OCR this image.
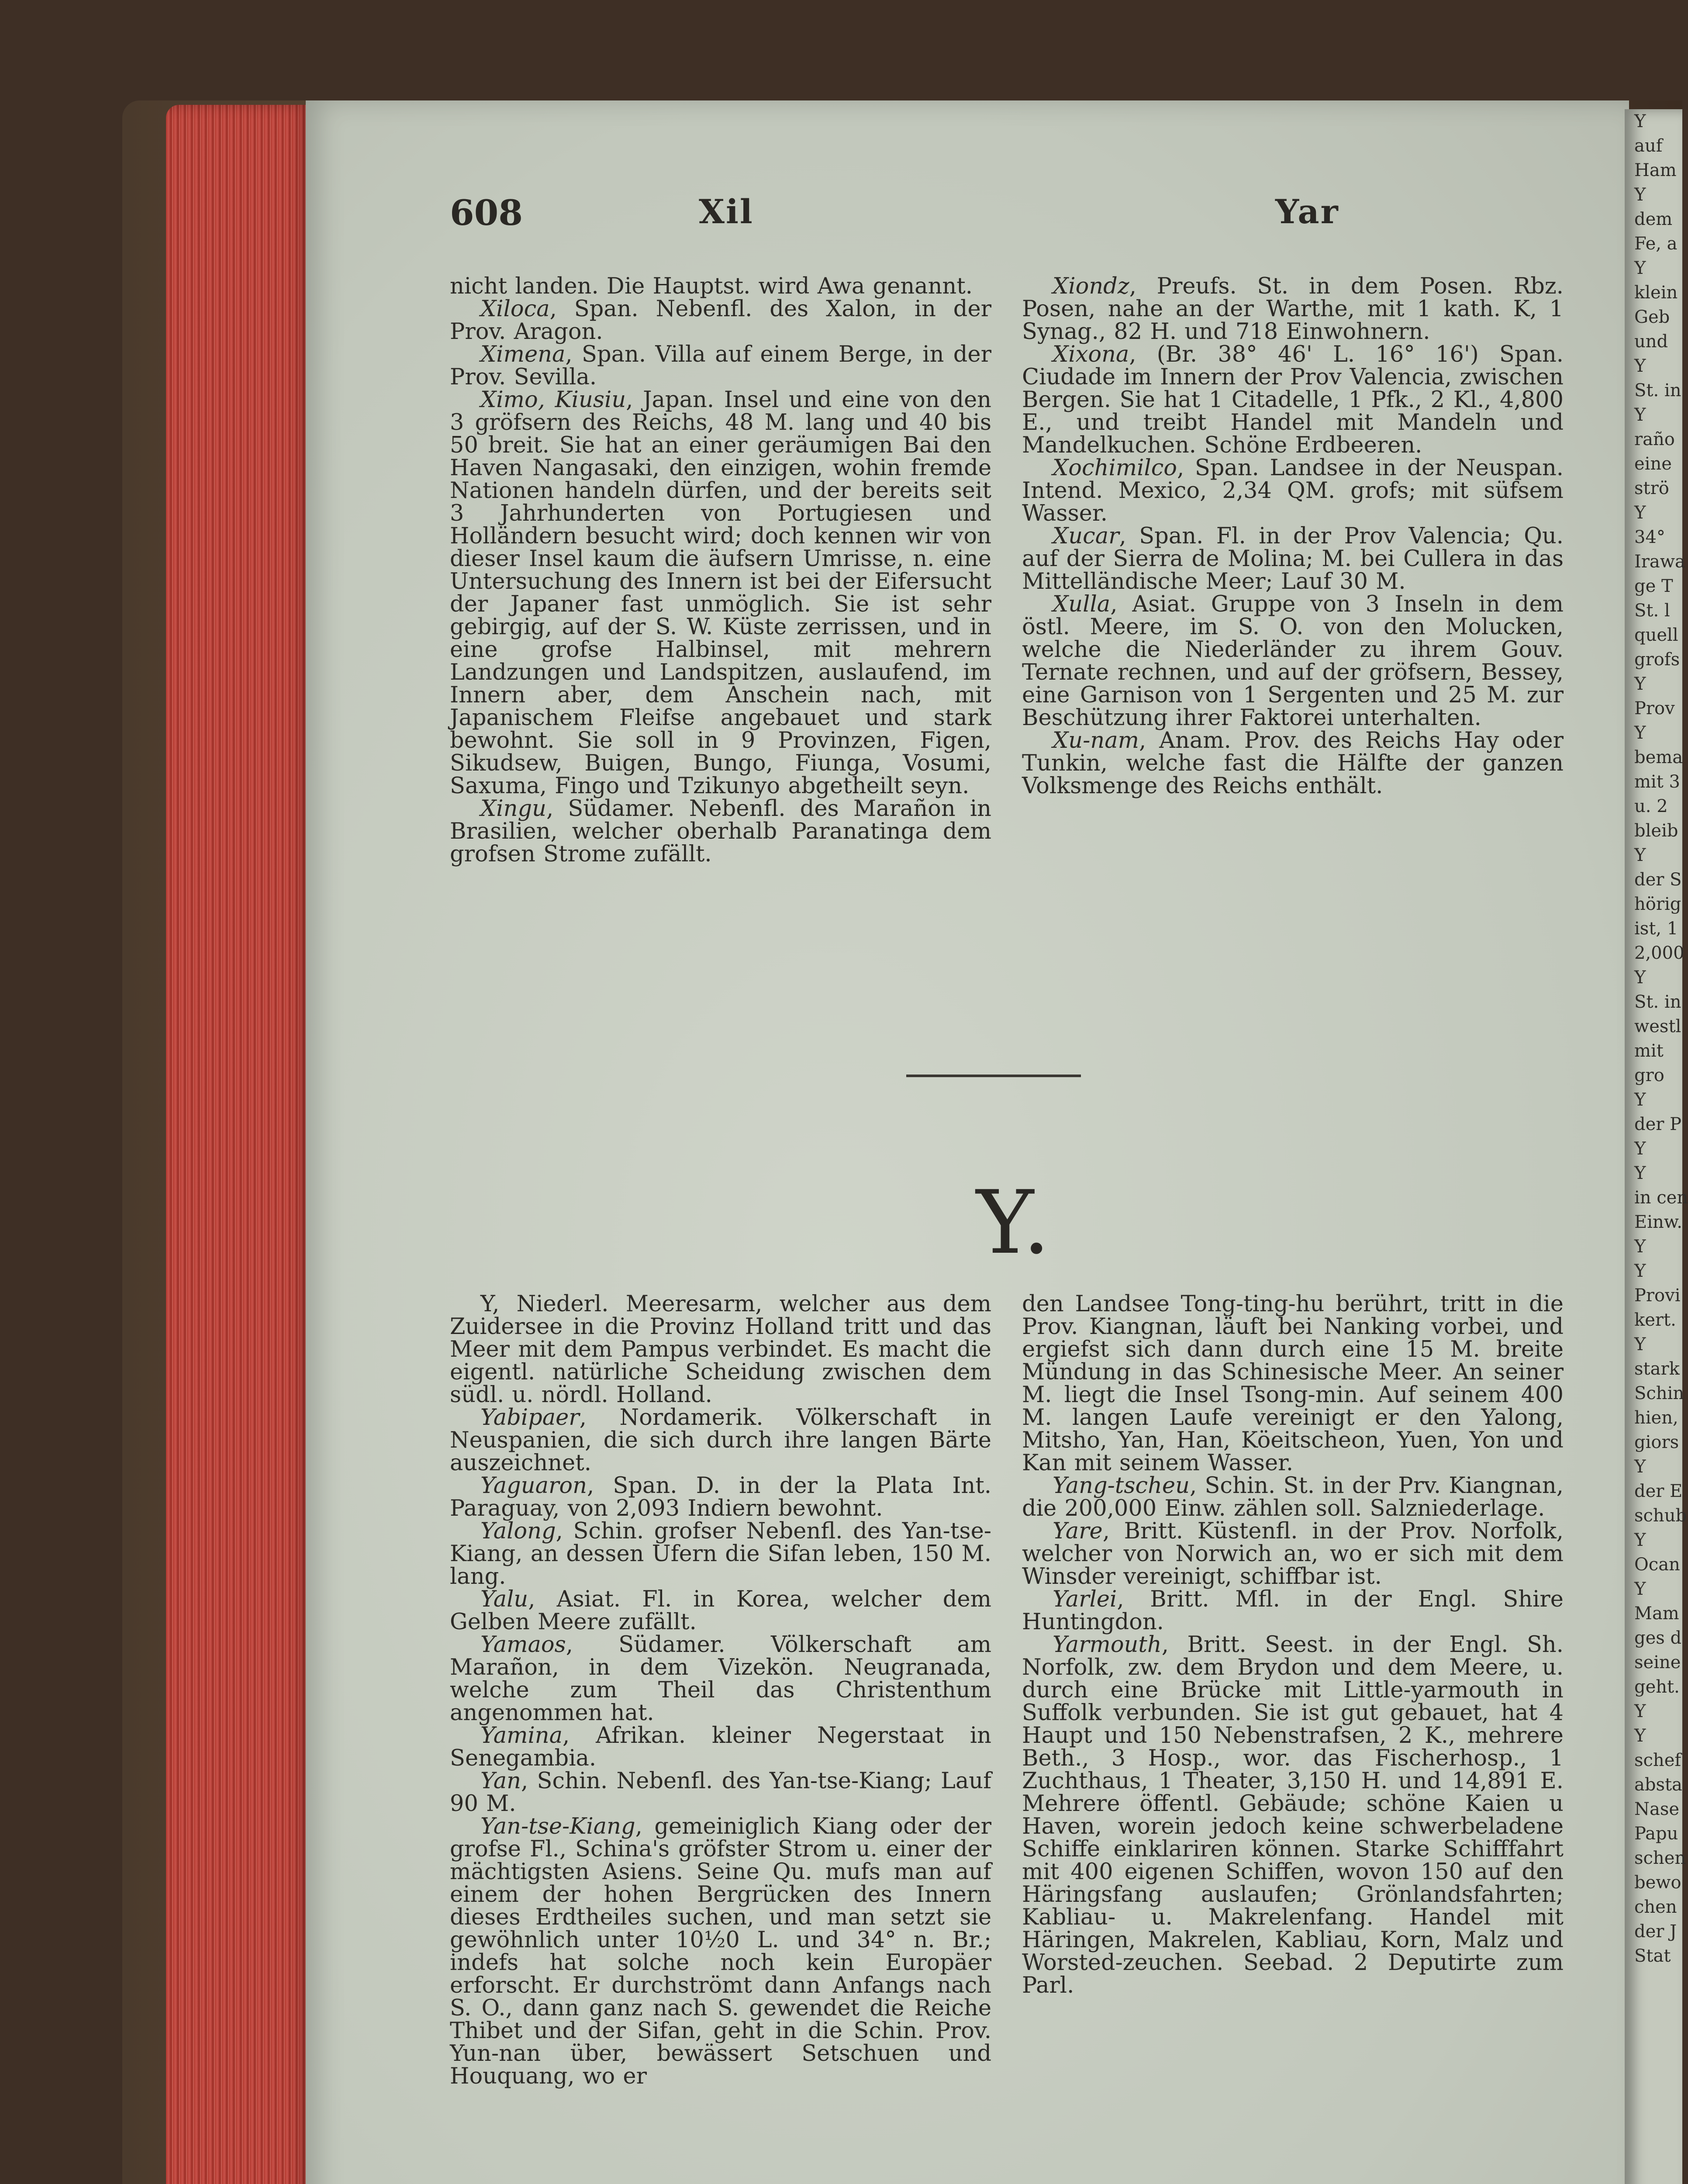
Y
auf
Ham
Y
dem
Fe, a
Y
klein
Geb
und
Y
St. in
Y
raño
eine
strö
Y
34°
Irawa
ge T
St. l
quell
grofs
Y
Prov
Y
bema
mit 3
u. 2
bleib
Y
der S
hörig
ist, 1
2,000
Y
St. in
westl
mit
gro
Y
der P
Y
Y
in cen
Einw.
Y
Y
Provi
kert.
Y
stark
Schin
hien,
giors
Y
der E
schub
Y
Ocan
Y
Mam
ges d
seine
geht.
Y
Y
schef
absta
Nase
Papu
schen
bewo
chen
der J
Stat
608	Xil	Yar

nicht landen. Die Hauptst. wird Awa genannt.

Xiloca, Span. Nebenfl. des Xalon, in der Prov. Aragon.

Ximena, Span. Villa auf einem Berge, in der Prov. Sevilla.

Ximo, Kiusiu, Japan. Insel und eine von den 3 gröfsern des Reichs, 48 M. lang und 40 bis 50 breit. Sie hat an einer geräumigen Bai den Haven Nangasaki, den einzigen, wohin fremde Nationen handeln dürfen, und der bereits seit 3 Jahrhunderten von Portugiesen und Holländern besucht wird; doch kennen wir von dieser Insel kaum die äufsern Umrisse, n. eine Untersuchung des Innern ist bei der Eifersucht der Japaner fast unmöglich. Sie ist sehr gebirgig, auf der S. W. Küste zerrissen, und in eine grofse Halbinsel, mit mehrern Landzungen und Landspitzen, auslaufend, im Innern aber, dem Anschein nach, mit Japanischem Fleifse angebauet und stark bewohnt. Sie soll in 9 Provinzen, Figen, Sikudsew, Buigen, Bungo, Fiunga, Vosumi, Saxuma, Fingo und Tzikunyo abgetheilt seyn.

Xingu, Südamer. Nebenfl. des Marañon in Brasilien, welcher oberhalb Paranatinga dem grofsen Strome zufällt.

Xiondz, Preufs. St. in dem Posen. Rbz. Posen, nahe an der Warthe, mit 1 kath. K, 1 Synag., 82 H. und 718 Einwohnern.

Xixona, (Br. 38° 46' L. 16° 16') Span. Ciudade im Innern der Prov Valencia, zwischen Bergen. Sie hat 1 Citadelle, 1 Pfk., 2 Kl., 4,800 E., und treibt Handel mit Mandeln und Mandelkuchen. Schöne Erdbeeren.

Xochimilco, Span. Landsee in der Neuspan. Intend. Mexico, 2,34 QM. grofs; mit süfsem Wasser.

Xucar, Span. Fl. in der Prov Valencia; Qu. auf der Sierra de Molina; M. bei Cullera in das Mittelländische Meer; Lauf 30 M.

Xulla, Asiat. Gruppe von 3 Inseln in dem östl. Meere, im S. O. von den Molucken, welche die Niederländer zu ihrem Gouv. Ternate rechnen, und auf der gröfsern, Bessey, eine Garnison von 1 Sergenten und 25 M. zur Beschützung ihrer Faktorei unterhalten.

Xu-nam, Anam. Prov. des Reichs Hay oder Tunkin, welche fast die Hälfte der ganzen Volksmenge des Reichs enthält.

Y.

Y, Niederl. Meeresarm, welcher aus dem Zuidersee in die Provinz Holland tritt und das Meer mit dem Pampus verbindet. Es macht die eigentl. natürliche Scheidung zwischen dem südl. u. nördl. Holland.

Yabipaer, Nordamerik. Völkerschaft in Neuspanien, die sich durch ihre langen Bärte auszeichnet.

Yaguaron, Span. D. in der la Plata Int. Paraguay, von 2,093 Indiern bewohnt.

Yalong, Schin. grofser Nebenfl. des Yan-tse-Kiang, an dessen Ufern die Sifan leben, 150 M. lang.

Yalu, Asiat. Fl. in Korea, welcher dem Gelben Meere zufällt.

Yamaos, Südamer. Völkerschaft am Marañon, in dem Vizekön. Neugranada, welche zum Theil das Christenthum angenommen hat.

Yamina, Afrikan. kleiner Negerstaat in Senegambia.

Yan, Schin. Nebenfl. des Yan-tse-Kiang; Lauf 90 M.

Yan-tse-Kiang, gemeiniglich Kiang oder der grofse Fl., Schina's gröfster Strom u. einer der mächtigsten Asiens. Seine Qu. mufs man auf einem der hohen Bergrücken des Innern dieses Erdtheiles suchen, und man setzt sie gewöhnlich unter 10½0 L. und 34° n. Br.; indefs hat solche noch kein Europäer erforscht. Er durchströmt dann Anfangs nach S. O., dann ganz nach S. gewendet die Reiche Thibet und der Sifan, geht in die Schin. Prov. Yun-nan über, bewässert Setschuen und Houquang, wo er

den Landsee Tong-ting-hu berührt, tritt in die Prov. Kiangnan, läuft bei Nanking vorbei, und ergiefst sich dann durch eine 15 M. breite Mündung in das Schinesische Meer. An seiner M. liegt die Insel Tsong-min. Auf seinem 400 M. langen Laufe vereinigt er den Yalong, Mitsho, Yan, Han, Köeitscheon, Yuen, Yon und Kan mit seinem Wasser.

Yang-tscheu, Schin. St. in der Prv. Kiangnan, die 200,000 Einw. zählen soll. Salzniederlage.

Yare, Britt. Küstenfl. in der Prov. Norfolk, welcher von Norwich an, wo er sich mit dem Winsder vereinigt, schiffbar ist.

Yarlei, Britt. Mfl. in der Engl. Shire Huntingdon.

Yarmouth, Britt. Seest. in der Engl. Sh. Norfolk, zw. dem Brydon und dem Meere, u. durch eine Brücke mit Little-yarmouth in Suffolk verbunden. Sie ist gut gebauet, hat 4 Haupt und 150 Nebenstrafsen, 2 K., mehrere Beth., 3 Hosp., wor. das Fischerhosp., 1 Zuchthaus, 1 Theater, 3,150 H. und 14,891 E. Mehrere öffentl. Gebäude; schöne Kaien u Haven, worein jedoch keine schwerbeladene Schiffe einklariren können. Starke Schifffahrt mit 400 eigenen Schiffen, wovon 150 auf den Häringsfang auslaufen; Grönlandsfahrten; Kabliau- u. Makrelenfang. Handel mit Häringen, Makrelen, Kabliau, Korn, Malz und Worsted-zeuchen. Seebad. 2 Deputirte zum Parl.
